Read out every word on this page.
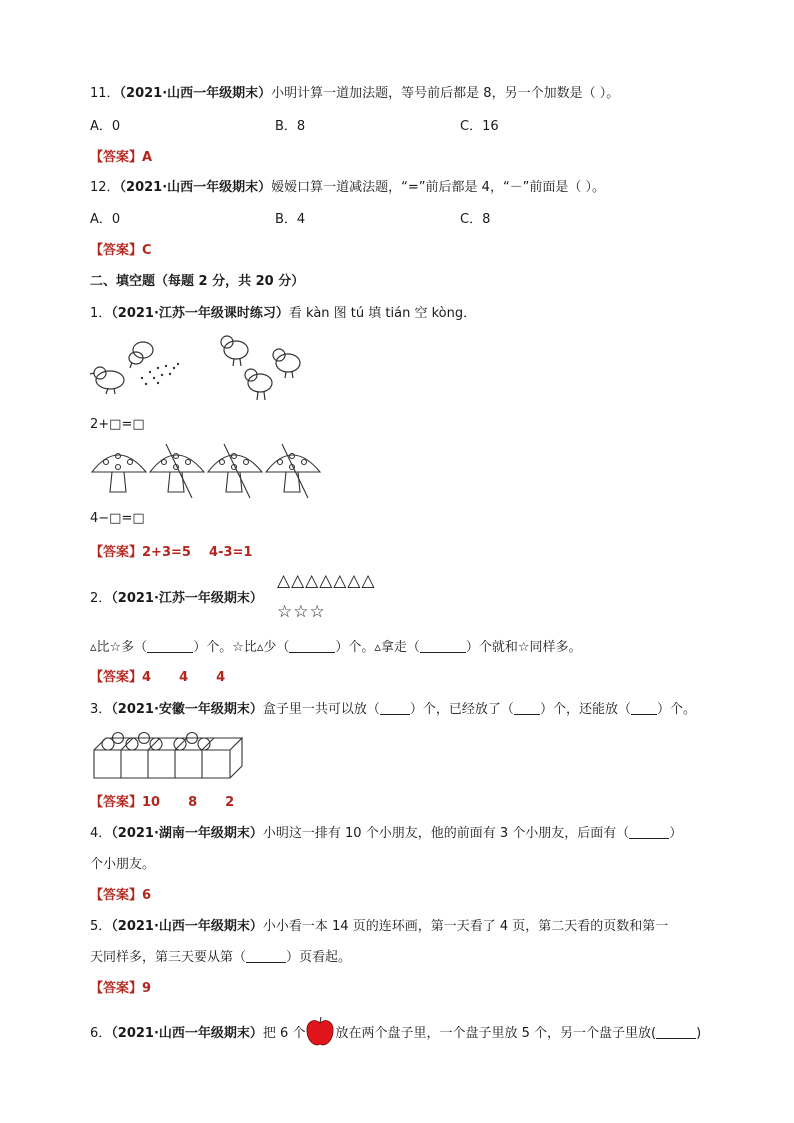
11．（2021·山西一年级期末）小明计算一道加法题，等号前后都是 8，另一个加数是（ ）。
A．0	B．8	C．16
【答案】A
12．（2021·山西一年级期末）嫒嫒口算一道减法题，“=”前后都是 4，“－”前面是（ ）。
A．0	B．4	C．8
【答案】C
二、填空题（每题 2 分，共 20 分）
1．（2021·江苏一年级课时练习）看 kàn 图 tú 填 tián 空 kòng．
2+□=□
4−□=□
【答案】2+3=5    4-3=1
△△△△△△△
2．（2021·江苏一年级期末）
☆☆☆
▵比☆多（	）个。☆比▵少（	）个。▵拿走（	）个就和☆同样多。
【答案】4 4 4
3．（2021·安徽一年级期末）盒子里一共可以放（ ）个，已经放了（ ）个，还能放（ ）个。
【答案】10 8 2
4．（2021·湖南一年级期末）小明这一排有 10 个小朋友，他的前面有 3 个小朋友，后面有（	）
个小朋友。
【答案】6
5．（2021·山西一年级期末）小小看一本 14 页的连环画，第一天看了 4 页，第二天看的页数和第一
天同样多，第三天要从第（	）页看起。
【答案】9
6．（2021·山西一年级期末）把 6 个 放在两个盘子里，一个盘子里放 5 个，另一个盘子里放(	)
